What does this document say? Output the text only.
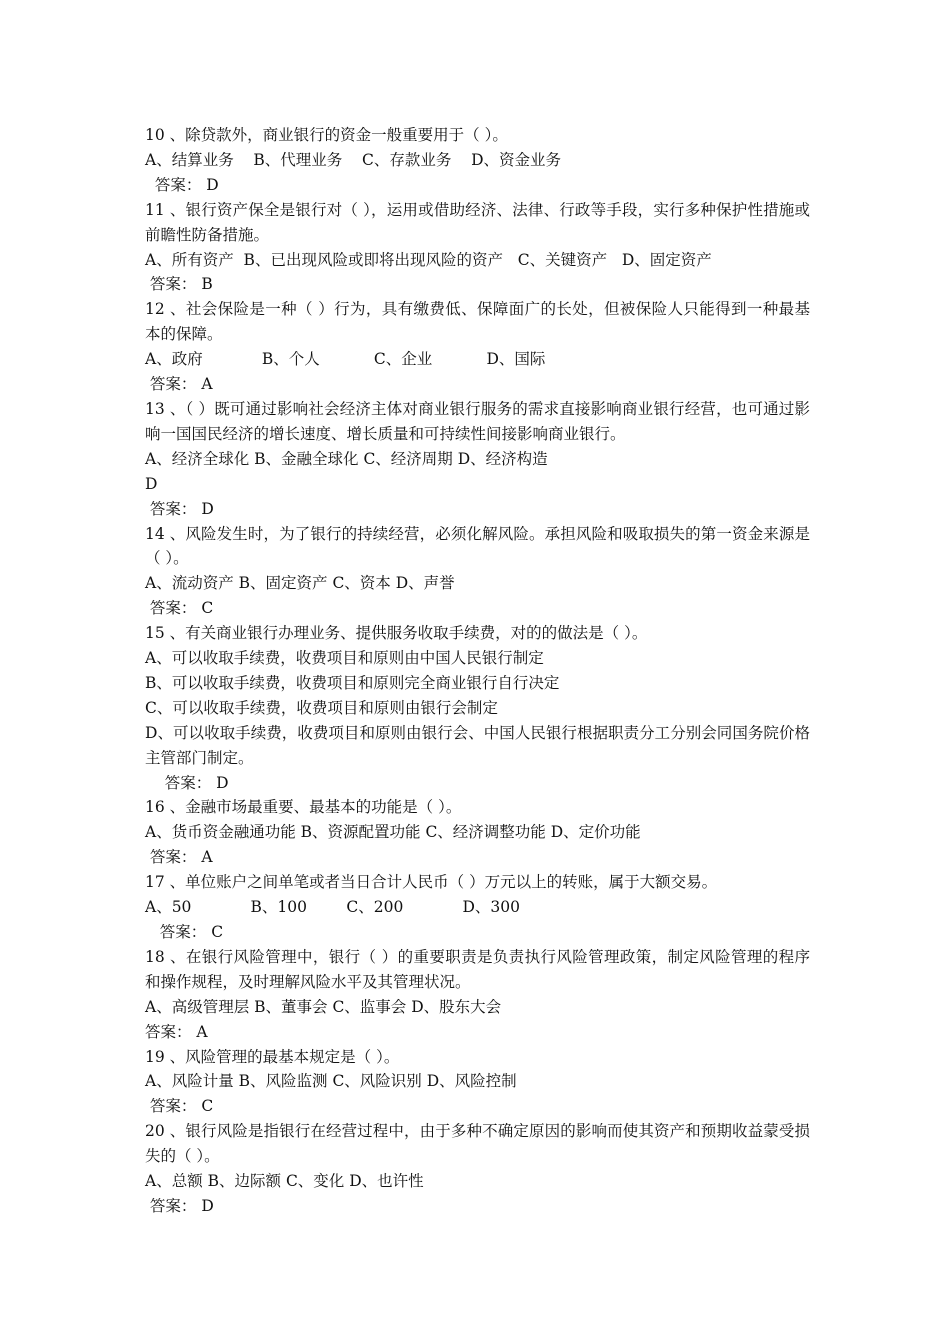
10 、除贷款外，商业银行的资金一般重要用于（ ）。
A、结算业务    B、代理业务    C、存款业务    D、资金业务
答案： D
11 、银行资产保全是银行对（ ），运用或借助经济、法律、行政等手段，实行多种保护性措施或前瞻性防备措施。
A、所有资产  B、已出现风险或即将出现风险的资产   C、关键资产   D、固定资产
答案： B
12 、社会保险是一种（ ）行为，具有缴费低、保障面广的长处，但被保险人只能得到一种最基本的保障。
A、政府            B、个人           C、企业           D、国际
答案： A
13 、（ ）既可通过影响社会经济主体对商业银行服务的需求直接影响商业银行经营，也可通过影响一国国民经济的增长速度、增长质量和可持续性间接影响商业银行。
A、经济全球化 B、金融全球化 C、经济周期 D、经济构造
D
答案： D
14 、风险发生时，为了银行的持续经营，必须化解风险。承担风险和吸取损失的第一资金来源是（ ）。
A、流动资产 B、固定资产 C、资本 D、声誉
答案： C
15 、有关商业银行办理业务、提供服务收取手续费，对的的做法是（ ）。
A、可以收取手续费，收费项目和原则由中国人民银行制定
B、可以收取手续费，收费项目和原则完全商业银行自行决定
C、可以收取手续费，收费项目和原则由银行会制定
D、可以收取手续费，收费项目和原则由银行会、中国人民银行根据职责分工分别会同国务院价格主管部门制定。
答案： D
16 、金融市场最重要、最基本的功能是（ ）。
A、货币资金融通功能 B、资源配置功能 C、经济调整功能 D、定价功能
答案： A
17 、单位账户之间单笔或者当日合计人民币（ ）万元以上的转账，属于大额交易。
A、50            B、100        C、200            D、300
答案： C
18 、在银行风险管理中，银行（ ）的重要职责是负责执行风险管理政策，制定风险管理的程序和操作规程，及时理解风险水平及其管理状况。
A、高级管理层 B、董事会 C、监事会 D、股东大会
答案： A
19 、风险管理的最基本规定是（ ）。
A、风险计量 B、风险监测 C、风险识别 D、风险控制
答案： C
20 、银行风险是指银行在经营过程中，由于多种不确定原因的影响而使其资产和预期收益蒙受损失的（ ）。
A、总额 B、边际额 C、变化 D、也许性
答案： D
